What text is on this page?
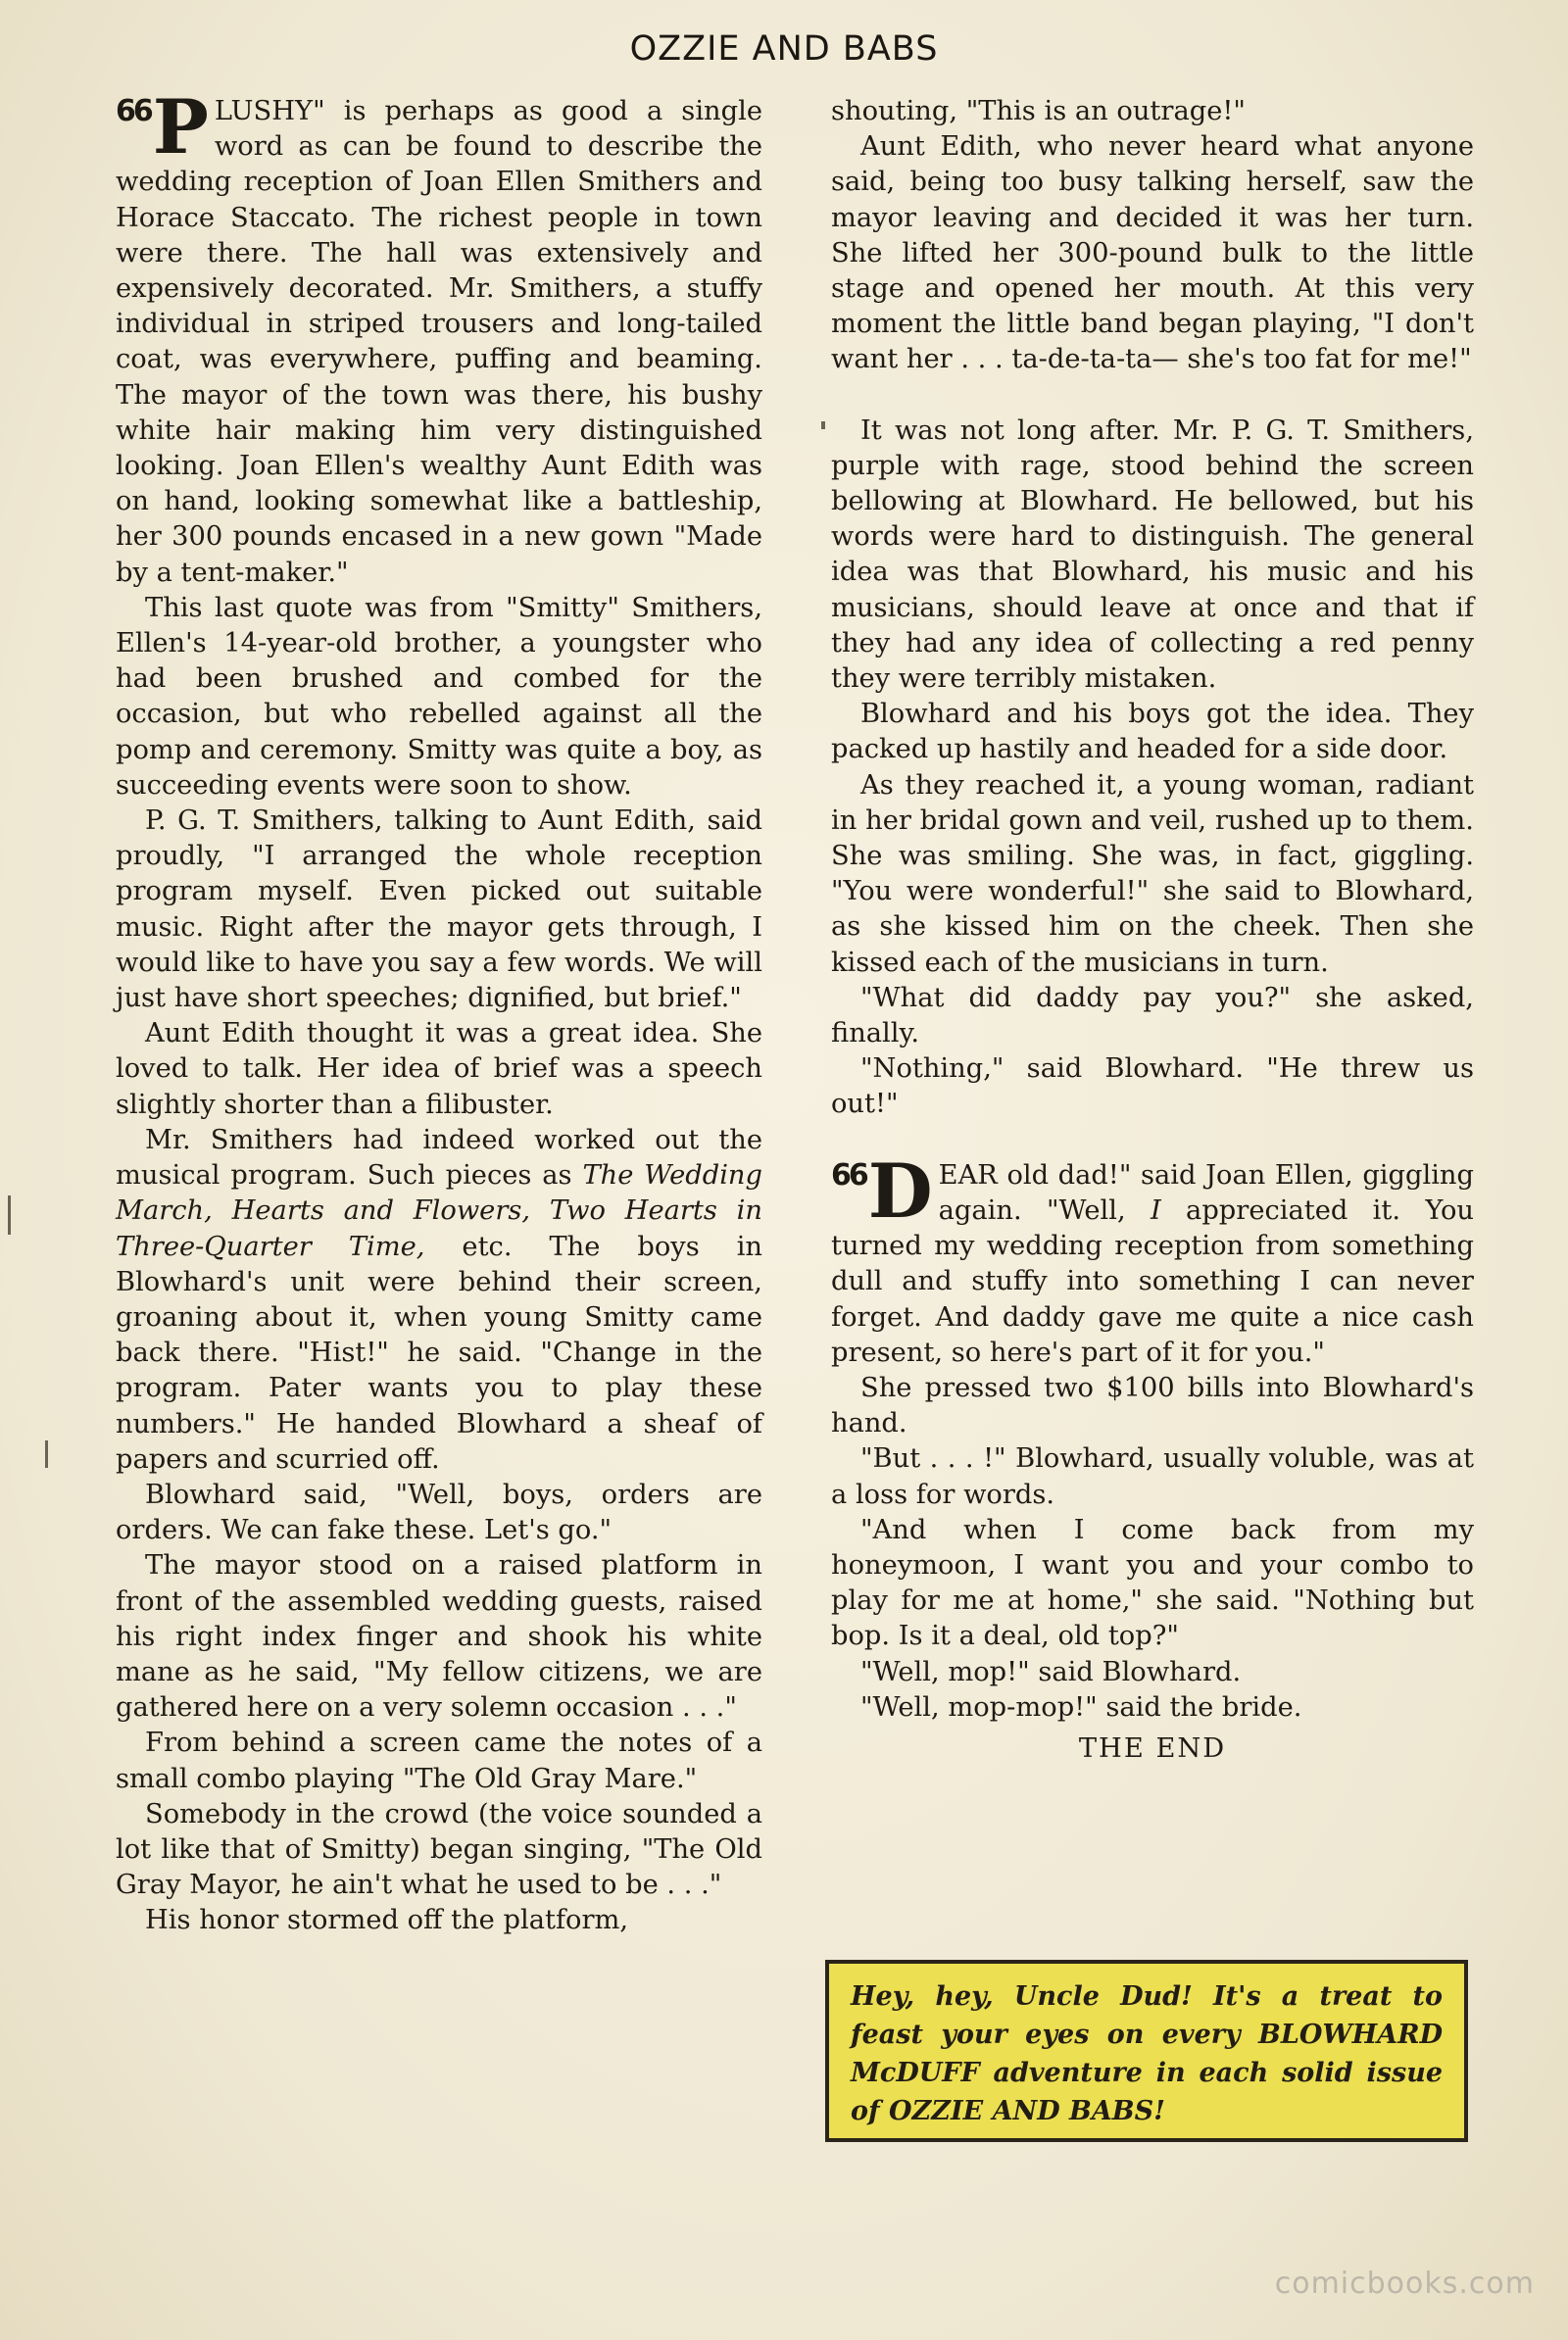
OZZIE AND BABS

66 P LUSHY" is perhaps as good a single word as can be found to describe the wedding reception of Joan Ellen Smithers and Horace Staccato. The richest people in town were there. The hall was extensively and expensively decorated. Mr. Smithers, a stuffy individual in striped trousers and long-tailed coat, was everywhere, puffing and beaming. The mayor of the town was there, his bushy white hair making him very distinguished looking. Joan Ellen's wealthy Aunt Edith was on hand, looking somewhat like a battleship, her 300 pounds encased in a new gown "Made by a tent-maker."

This last quote was from "Smitty" Smithers, Ellen's 14-year-old brother, a youngster who had been brushed and combed for the occasion, but who rebelled against all the pomp and ceremony. Smitty was quite a boy, as succeeding events were soon to show.

P. G. T. Smithers, talking to Aunt Edith, said proudly, "I arranged the whole reception program myself. Even picked out suitable music. Right after the mayor gets through, I would like to have you say a few words. We will just have short speeches; dignified, but brief."

Aunt Edith thought it was a great idea. She loved to talk. Her idea of brief was a speech slightly shorter than a filibuster.

Mr. Smithers had indeed worked out the musical program. Such pieces as The Wedding March, Hearts and Flowers, Two Hearts in Three-Quarter Time, etc. The boys in Blowhard's unit were behind their screen, groaning about it, when young Smitty came back there. "Hist!" he said. "Change in the program. Pater wants you to play these numbers." He handed Blowhard a sheaf of papers and scurried off.

Blowhard said, "Well, boys, orders are orders. We can fake these. Let's go."

The mayor stood on a raised platform in front of the assembled wedding guests, raised his right index finger and shook his white mane as he said, "My fellow citizens, we are gathered here on a very solemn occasion . . ."

From behind a screen came the notes of a small combo playing "The Old Gray Mare."

Somebody in the crowd (the voice sounded a lot like that of Smitty) began singing, "The Old Gray Mayor, he ain't what he used to be . . ."

His honor stormed off the platform,

shouting, "This is an outrage!"

Aunt Edith, who never heard what anyone said, being too busy talking herself, saw the mayor leaving and decided it was her turn. She lifted her 300-pound bulk to the little stage and opened her mouth. At this very moment the little band began playing, "I don't want her . . . ta-de-ta-ta— she's too fat for me!"

It was not long after. Mr. P. G. T. Smithers, purple with rage, stood behind the screen bellowing at Blowhard. He bellowed, but his words were hard to distinguish. The general idea was that Blowhard, his music and his musicians, should leave at once and that if they had any idea of collecting a red penny they were terribly mistaken.

Blowhard and his boys got the idea. They packed up hastily and headed for a side door.

As they reached it, a young woman, radiant in her bridal gown and veil, rushed up to them. She was smiling. She was, in fact, giggling. "You were wonderful!" she said to Blowhard, as she kissed him on the cheek. Then she kissed each of the musicians in turn.

"What did daddy pay you?" she asked, finally.

"Nothing," said Blowhard. "He threw us out!"

66 D EAR old dad!" said Joan Ellen, giggling again. "Well, I appreciated it. You turned my wedding reception from something dull and stuffy into something I can never forget. And daddy gave me quite a nice cash present, so here's part of it for you."

She pressed two $100 bills into Blowhard's hand.

"But . . . !" Blowhard, usually voluble, was at a loss for words.

"And when I come back from my honeymoon, I want you and your combo to play for me at home," she said. "Nothing but bop. Is it a deal, old top?"

"Well, mop!" said Blowhard.

"Well, mop-mop!" said the bride.

THE END

Hey, hey, Uncle Dud! It's a treat to feast your eyes on every BLOWHARD McDUFF adventure in each solid issue of OZZIE AND BABS!
comicbooks.com
